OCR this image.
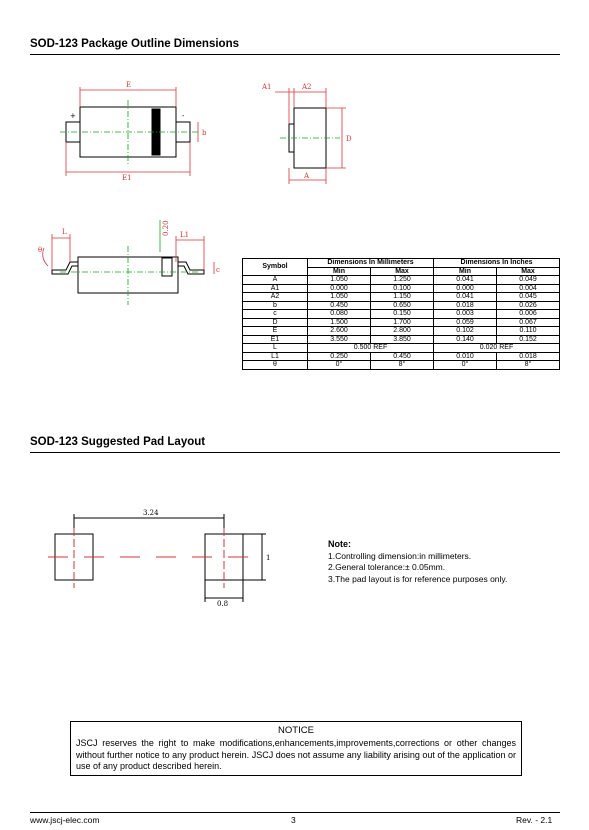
SOD-123 Package Outline Dimensions
E
E1
b
+	-
A1	A2
A
D
L	L1
c
θ
0.20
Symbol	Dimensions In Millimeters		Dimensions In Inches	
	Min	Max	Min	Max
A	1.050	1.250	0.041	0.049
A1	0.000	0.100	0.000	0.004
A2	1.050	1.150	0.041	0.045
b	0.450	0.650	0.018	0.026
c	0.080	0.150	0.003	0.006
D	1.500	1.700	0.059	0.067
E	2.600	2.800	0.102	0.110
E1	3.550	3.850	0.140	0.152
L	0.500 REF		0.020 REF	
L1	0.250	0.450	0.010	0.018
θ	0°	8°	0°	8°
SOD-123 Suggested Pad Layout
3.24
0.8
1
Note:
1.Controlling dimension:in millimeters.
2.General tolerance:± 0.05mm.
3.The pad layout is for reference purposes only.
NOTICE
JSCJ reserves the right to make modifications,enhancements,improvements,corrections or other changes without further notice to any product herein. JSCJ does not assume any liability arising out of the application or use of any product described herein.
www.jscj-elec.com	3	Rev. - 2.1
